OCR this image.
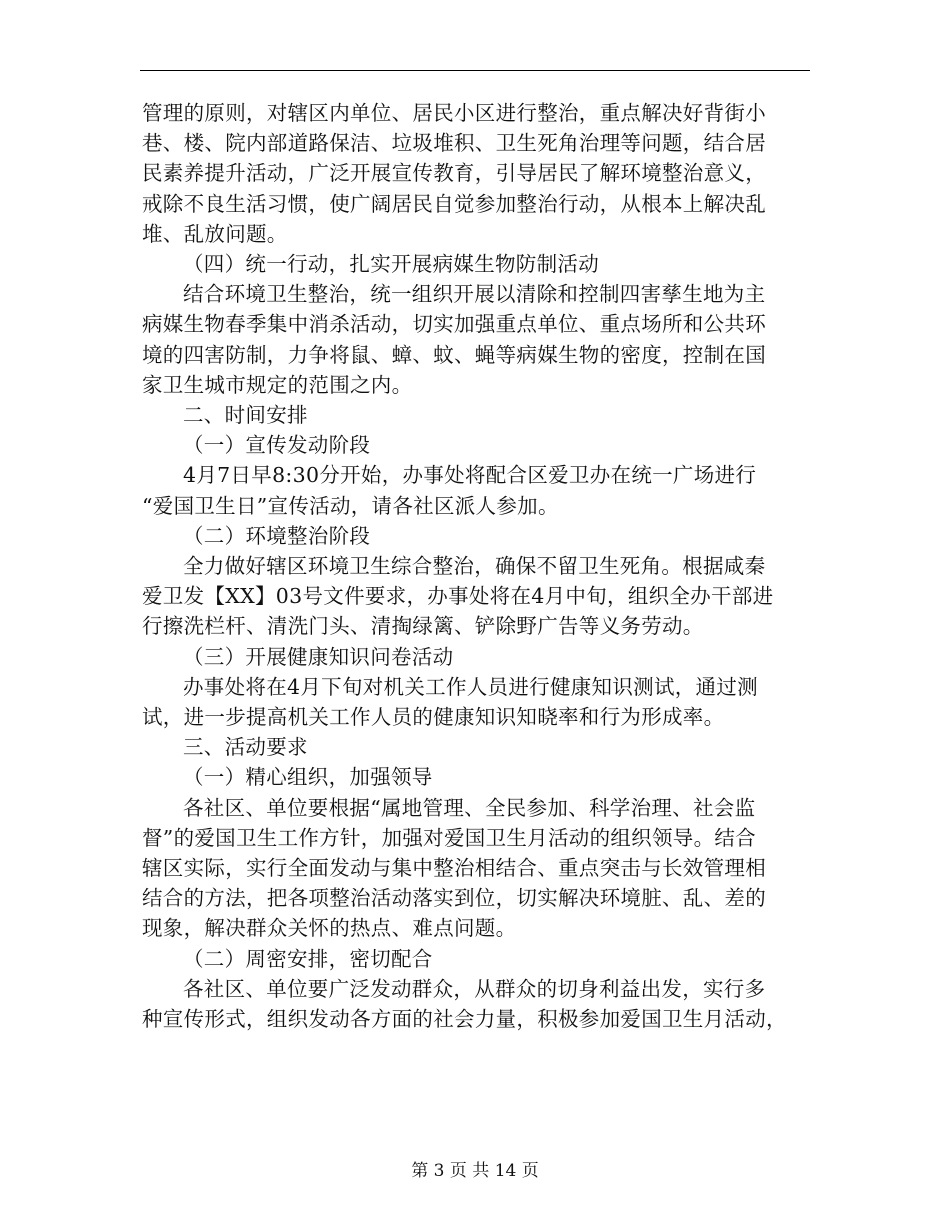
管理的原则，对辖区内单位、居民小区进行整治，重点解决好背街小
巷、楼、院内部道路保洁、垃圾堆积、卫生死角治理等问题，结合居
民素养提升活动，广泛开展宣传教育，引导居民了解环境整治意义，
戒除不良生活习惯，使广阔居民自觉参加整治行动，从根本上解决乱
堆、乱放问题。
（四）统一行动，扎实开展病媒生物防制活动
结合环境卫生整治，统一组织开展以清除和控制四害孳生地为主
病媒生物春季集中消杀活动，切实加强重点单位、重点场所和公共环
境的四害防制，力争将鼠、蟑、蚊、蝇等病媒生物的密度，控制在国
家卫生城市规定的范围之内。
二、时间安排
（一）宣传发动阶段
4月7日早8:30分开始，办事处将配合区爱卫办在统一广场进行
“爱国卫生日”宣传活动，请各社区派人参加。
（二）环境整治阶段
全力做好辖区环境卫生综合整治，确保不留卫生死角。根据咸秦
爱卫发【XX】03号文件要求，办事处将在4月中旬，组织全办干部进
行擦洗栏杆、清洗门头、清掏绿篱、铲除野广告等义务劳动。
（三）开展健康知识问卷活动
办事处将在4月下旬对机关工作人员进行健康知识测试，通过测
试，进一步提高机关工作人员的健康知识知晓率和行为形成率。
三、活动要求
（一）精心组织，加强领导
各社区、单位要根据“属地管理、全民参加、科学治理、社会监
督”的爱国卫生工作方针，加强对爱国卫生月活动的组织领导。结合
辖区实际，实行全面发动与集中整治相结合、重点突击与长效管理相
结合的方法，把各项整治活动落实到位，切实解决环境脏、乱、差的
现象，解决群众关怀的热点、难点问题。
（二）周密安排，密切配合
各社区、单位要广泛发动群众，从群众的切身利益出发，实行多
种宣传形式，组织发动各方面的社会力量，积极参加爱国卫生月活动，
第 3 页 共 14 页
